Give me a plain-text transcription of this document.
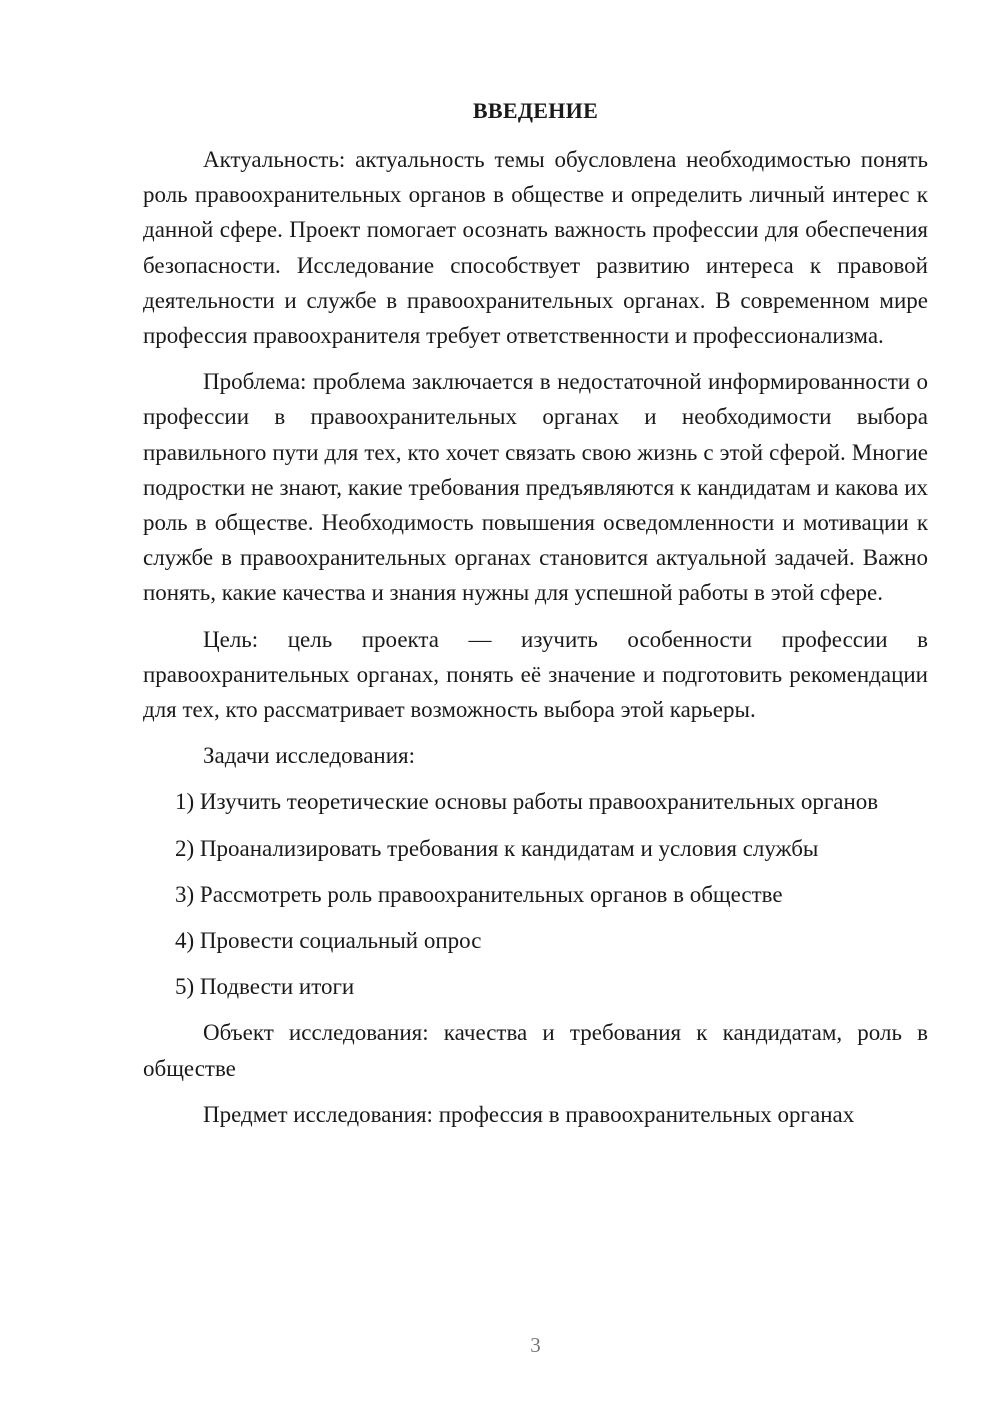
ВВЕДЕНИЕ

Актуальность: актуальность темы обусловлена необходимостью понять роль правоохранительных органов в обществе и определить личный интерес к данной сфере. Проект помогает осознать важность профессии для обеспечения безопасности. Исследование способствует развитию интереса к правовой деятельности и службе в правоохранительных органах. В современном мире профессия правоохранителя требует ответственности и профессионализма.

Проблема: проблема заключается в недостаточной информированности о профессии в правоохранительных органах и необходимости выбора правильного пути для тех, кто хочет связать свою жизнь с этой сферой. Многие подростки не знают, какие требования предъявляются к кандидатам и какова их роль в обществе. Необходимость повышения осведомленности и мотивации к службе в правоохранительных органах становится актуальной задачей. Важно понять, какие качества и знания нужны для успешной работы в этой сфере.

Цель: цель проекта — изучить особенности профессии в правоохранительных органах, понять её значение и подготовить рекомендации для тех, кто рассматривает возможность выбора этой карьеры.

Задачи исследования:

1) Изучить теоретические основы работы правоохранительных органов

2) Проанализировать требования к кандидатам и условия службы

3) Рассмотреть роль правоохранительных органов в обществе

4) Провести социальный опрос

5) Подвести итоги

Объект исследования: качества и требования к кандидатам, роль в обществе

Предмет исследования: профессия в правоохранительных органах

3
